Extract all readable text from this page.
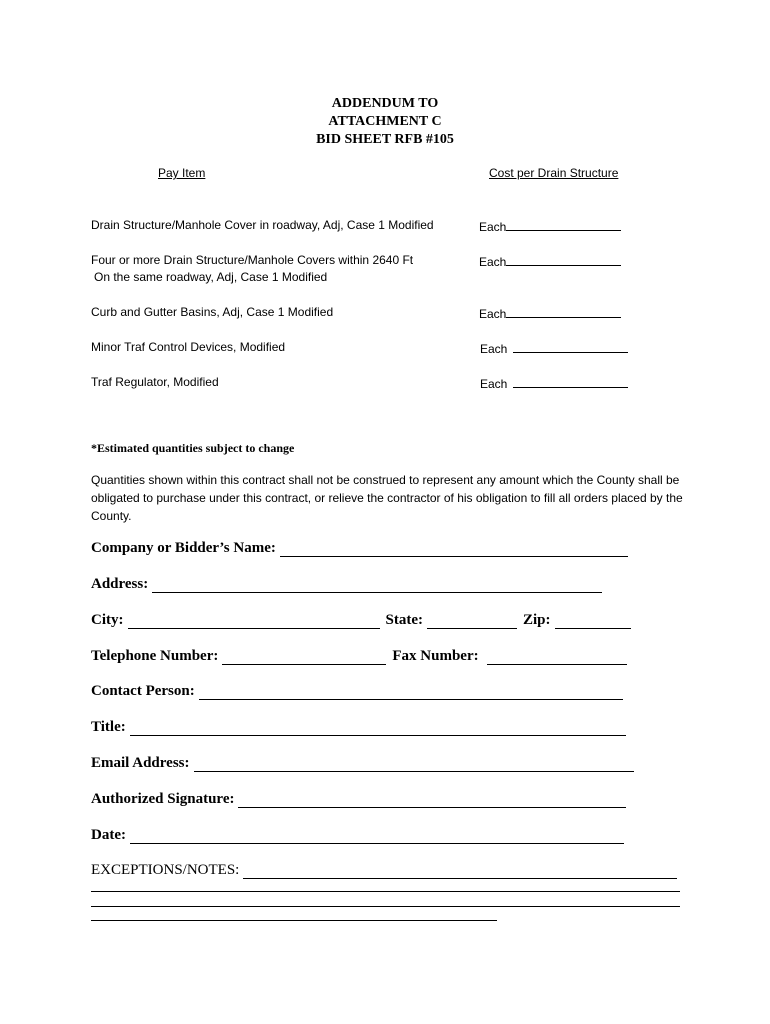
ADDENDUM TO
ATTACHMENT C
BID SHEET RFB #105
Pay Item	Cost per Drain Structure
Drain Structure/Manhole Cover in roadway, Adj, Case 1 Modified	Each
Four or more Drain Structure/Manhole Covers within 2640 Ft
On the same roadway, Adj, Case 1 Modified
Each
Curb and Gutter Basins, Adj, Case 1 Modified	Each
Minor Traf Control Devices, Modified	Each
Traf Regulator, Modified	Each
*Estimated quantities subject to change
Quantities shown within this contract shall not be construed to represent any amount which the County shall be obligated to purchase under this contract, or relieve the contractor of his obligation to fill all orders placed by the County.
Company or Bidder’s Name:
Address:
City:	State:	Zip:
Telephone Number:	Fax Number:
Contact Person:
Title:
Email Address:
Authorized Signature:
Date:
EXCEPTIONS/NOTES:
